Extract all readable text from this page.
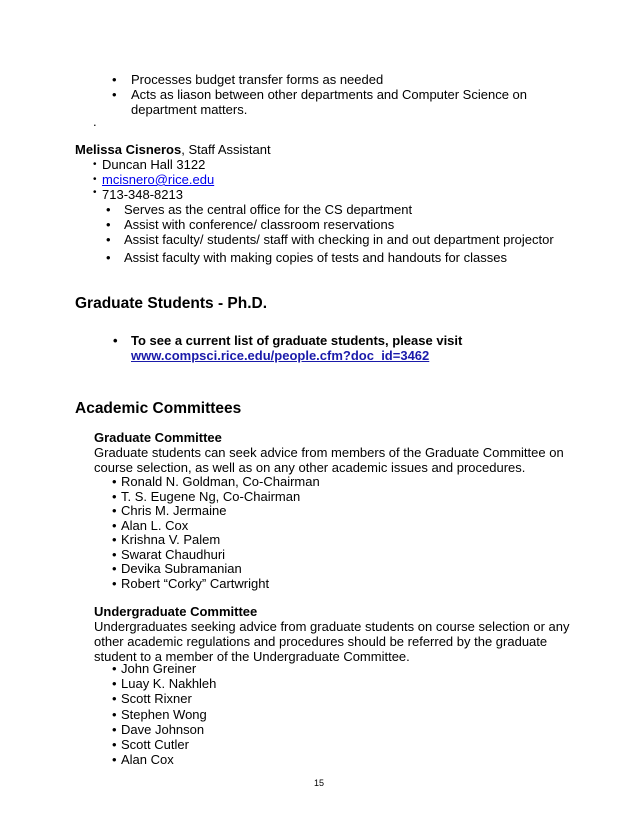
• Processes budget transfer forms as needed
• Acts as liason between other departments and Computer Science on
department matters.
.
Melissa Cisneros, Staff Assistant
• Duncan Hall 3122
• mcisnero@rice.edu
• 713-348-8213
• Serves as the central office for the CS department
• Assist with conference/ classroom reservations
• Assist faculty/ students/ staff with checking in and out department projector
• Assist faculty with making copies of tests and handouts for classes
Graduate Students - Ph.D.
• To see a current list of graduate students, please visit
www.compsci.rice.edu/people.cfm?doc_id=3462
Academic Committees
Graduate Committee
Graduate students can seek advice from members of the Graduate Committee on
course selection, as well as on any other academic issues and procedures.
• Ronald N. Goldman, Co-Chairman
• T. S. Eugene Ng, Co-Chairman
• Chris M. Jermaine
• Alan L. Cox
• Krishna V. Palem
• Swarat Chaudhuri
• Devika Subramanian
• Robert “Corky” Cartwright
Undergraduate Committee
Undergraduates seeking advice from graduate students on course selection or any
other academic regulations and procedures should be referred by the graduate
student to a member of the Undergraduate Committee.
• John Greiner
• Luay K. Nakhleh
• Scott Rixner
• Stephen Wong
• Dave Johnson
• Scott Cutler
• Alan Cox
15
